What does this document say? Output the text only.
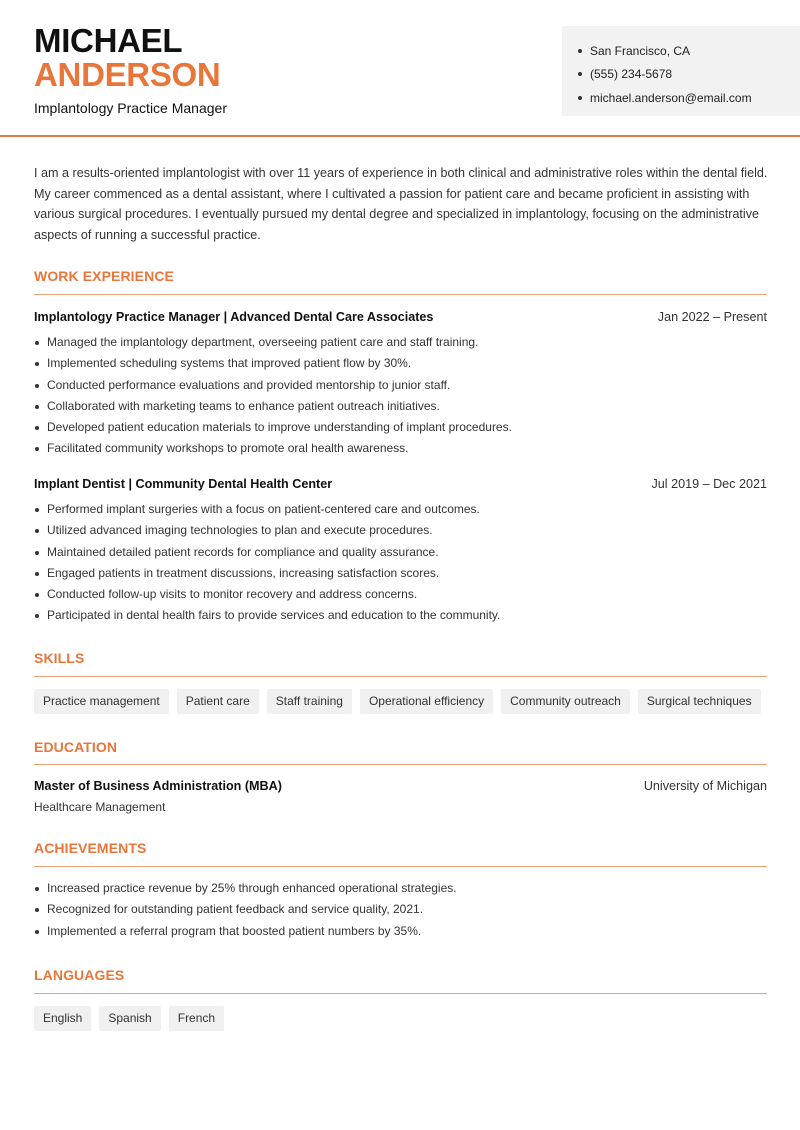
MICHAEL
ANDERSON
Implantology Practice Manager
San Francisco, CA
(555) 234-5678
michael.anderson@email.com

I am a results-oriented implantologist with over 11 years of experience in both clinical and administrative roles within the dental field. My career commenced as a dental assistant, where I cultivated a passion for patient care and became proficient in assisting with various surgical procedures. I eventually pursued my dental degree and specialized in implantology, focusing on the administrative aspects of running a successful practice.

WORK EXPERIENCE
Implantology Practice Manager | Advanced Dental Care Associates	Jan 2022 – Present
Managed the implantology department, overseeing patient care and staff training.
Implemented scheduling systems that improved patient flow by 30%.
Conducted performance evaluations and provided mentorship to junior staff.
Collaborated with marketing teams to enhance patient outreach initiatives.
Developed patient education materials to improve understanding of implant procedures.
Facilitated community workshops to promote oral health awareness.
Implant Dentist | Community Dental Health Center	Jul 2019 – Dec 2021
Performed implant surgeries with a focus on patient-centered care and outcomes.
Utilized advanced imaging technologies to plan and execute procedures.
Maintained detailed patient records for compliance and quality assurance.
Engaged patients in treatment discussions, increasing satisfaction scores.
Conducted follow-up visits to monitor recovery and address concerns.
Participated in dental health fairs to provide services and education to the community.
SKILLS
Practice management	Patient care	Staff training	Operational efficiency	Community outreach	Surgical techniques
EDUCATION
Master of Business Administration (MBA)	University of Michigan
Healthcare Management
ACHIEVEMENTS
Increased practice revenue by 25% through enhanced operational strategies.
Recognized for outstanding patient feedback and service quality, 2021.
Implemented a referral program that boosted patient numbers by 35%.
LANGUAGES
English	Spanish	French
